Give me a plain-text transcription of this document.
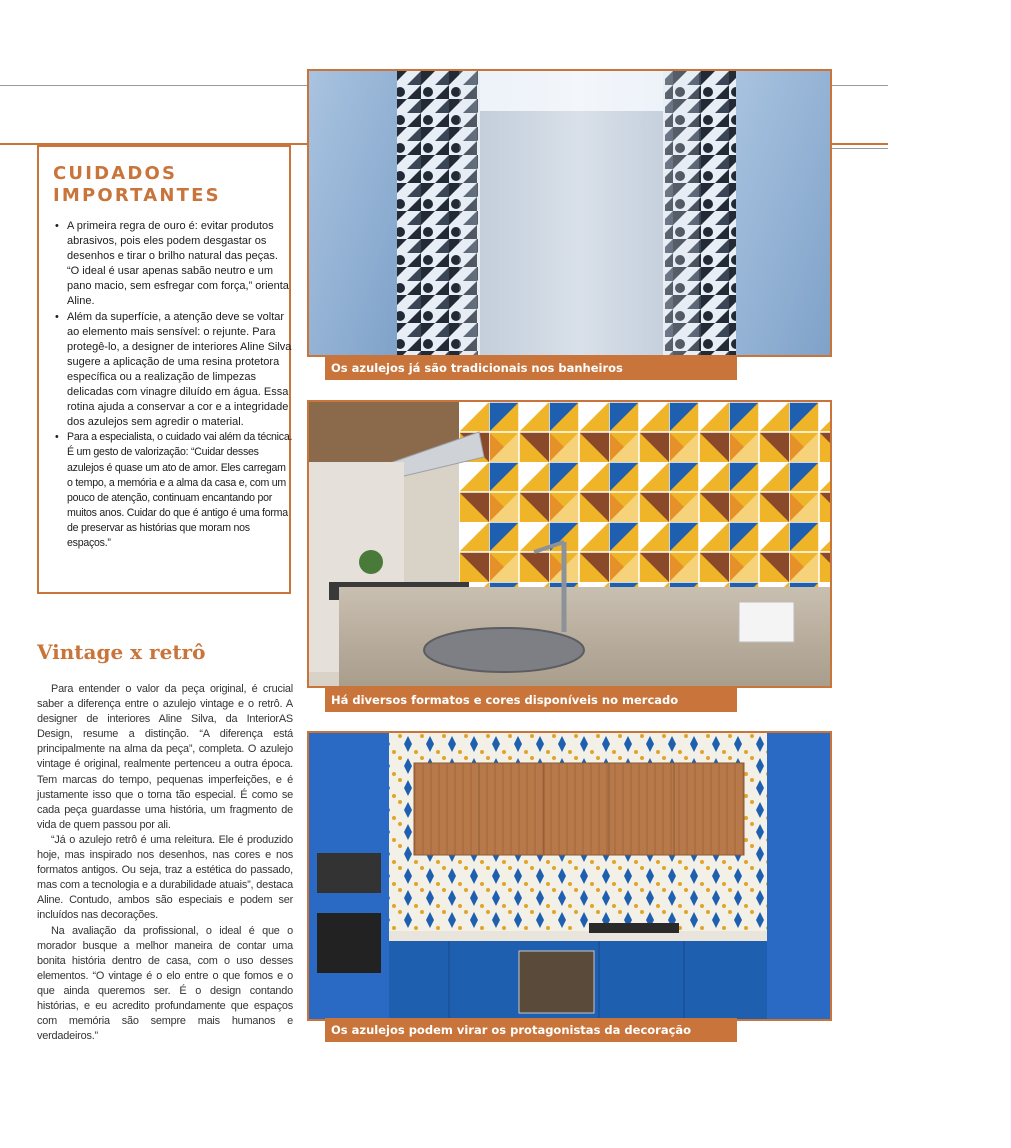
CUIDADOS
IMPORTANTES
• A primeira regra de ouro é: evitar produtos abrasivos, pois eles podem desgastar os desenhos e tirar o brilho natural das peças. “O ideal é usar apenas sabão neutro e um pano macio, sem esfregar com força,” orienta Aline.
• Além da superfície, a atenção deve se voltar ao elemento mais sensível: o rejunte. Para protegê-lo, a designer de interiores Aline Silva sugere a aplicação de uma resina protetora específica ou a realização de limpezas delicadas com vinagre diluído em água. Essa rotina ajuda a conservar a cor e a integridade dos azulejos sem agredir o material.
• Para a especialista, o cuidado vai além da técnica. É um gesto de valorização: “Cuidar desses azulejos é quase um ato de amor. Eles carregam o tempo, a memória e a alma da casa e, com um pouco de atenção, continuam encantando por muitos anos. Cuidar do que é antigo é uma forma de preservar as histórias que moram nos espaços.”
Vintage x retrô

Para entender o valor da peça original, é crucial saber a diferença entre o azulejo vintage e o retrô. A designer de interiores Aline Silva, da InteriorAS Design, resume a distinção. “A diferença está principalmente na alma da peça”, completa. O azulejo vintage é original, realmente pertenceu a outra época. Tem marcas do tempo, pequenas imperfeições, e é justamente isso que o torna tão especial. É como se cada peça guardasse uma história, um fragmento de vida de quem passou por ali.

“Já o azulejo retrô é uma releitura. Ele é produzido hoje, mas inspirado nos desenhos, nas cores e nos formatos antigos. Ou seja, traz a estética do passado, mas com a tecnologia e a durabilidade atuais”, destaca Aline. Contudo, ambos são especiais e podem ser incluídos nas decorações.

Na avaliação da profissional, o ideal é que o morador busque a melhor maneira de contar uma bonita história dentro de casa, com o uso desses elementos. “O vintage é o elo entre o que fomos e o que ainda queremos ser. É o design contando histórias, e eu acredito profundamente que espaços com memória são sempre mais humanos e verdadeiros.”

Os azulejos já são tradicionais nos banheiros
Há diversos formatos e cores disponíveis no mercado
Os azulejos podem virar os protagonistas da decoração
